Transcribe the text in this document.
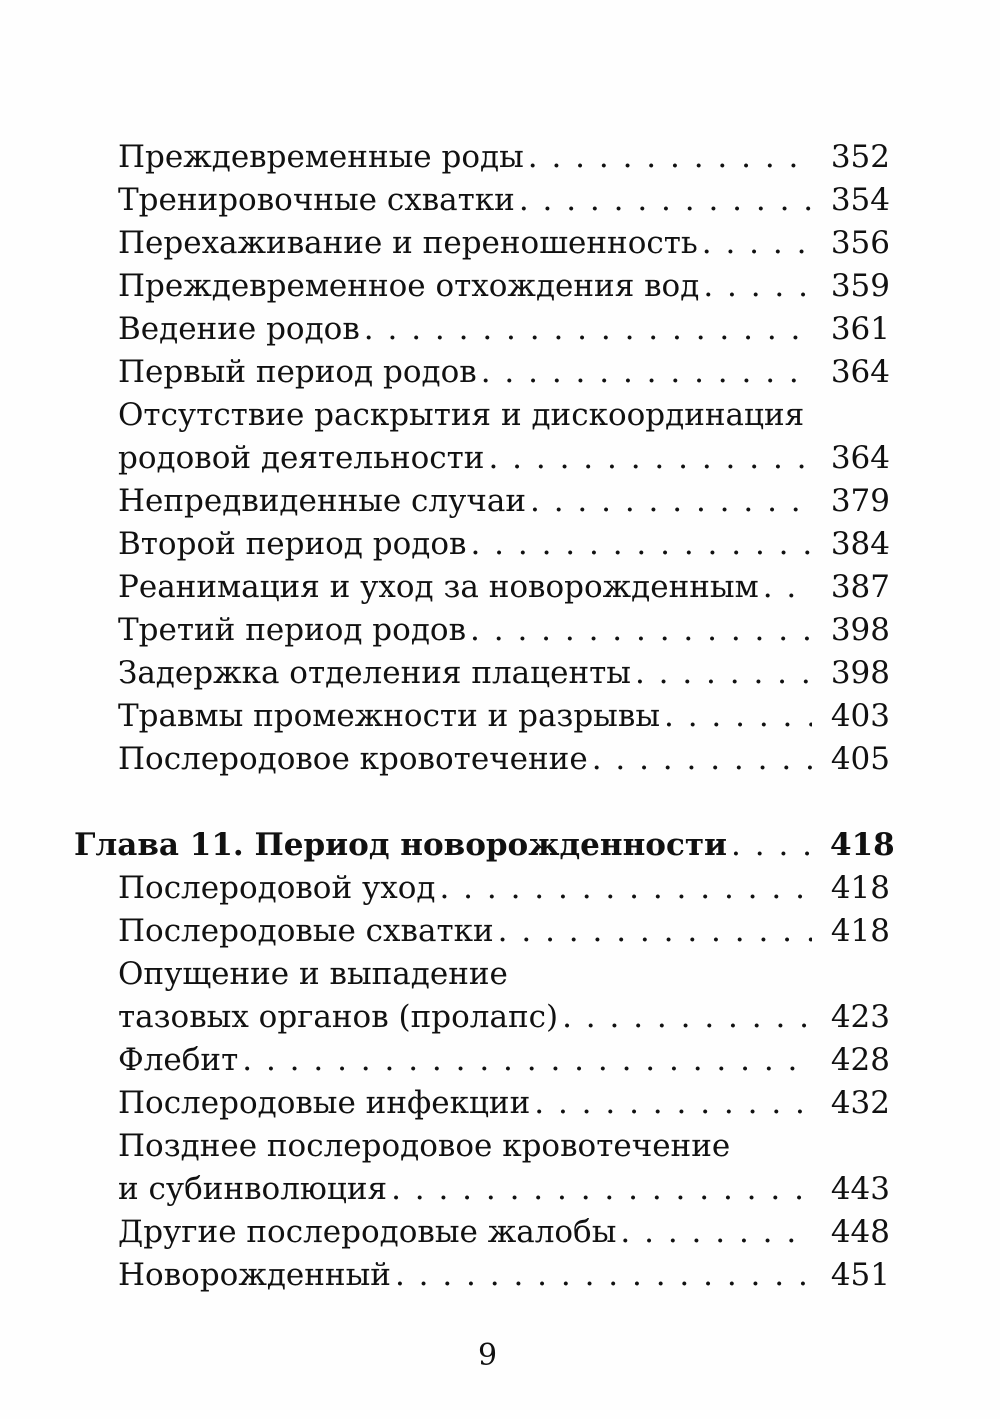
Преждевременные роды . . .	352
Тренировочные схватки . . .	354
Перехаживание и переношенность . . .	356
Преждевременное отхождения вод . . .	359
Ведение родов . . .	361
Первый период родов . . .	364
Отсутствие раскрытия и дискоординация
родовой деятельности . . .	364
Непредвиденные случаи . . .	379
Второй период родов . . .	384
Реанимация и уход за новорожденным . . . 387
Третий период родов . . .	398
Задержка отделения плаценты . . .	398
Травмы промежности и разрывы . . .	403
Послеродовое кровотечение . . .	405
Глава 11. Период новорожденности . . .	418
Послеродовой уход . . .	418
Послеродовые схватки . . .	418
Опущение и выпадение
тазовых органов (пролапс) . . .	423
Флебит . . .	428
Послеродовые инфекции . . .	432
Позднее послеродовое кровотечение
и субинволюция . . .	443
Другие послеродовые жалобы . . .	448
Новорожденный . . .	451
9
